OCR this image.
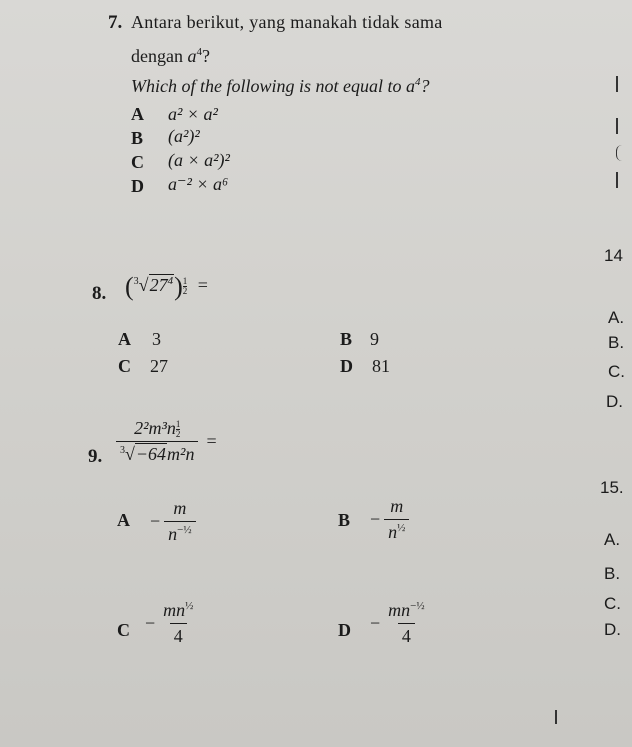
7. Antara berikut, yang manakah tidak sama
dengan $a^4$?
Which of the following is not equal to $a^4$?
A a² × a²
B (a²)²
C (a × a²)²
D a⁻² × a⁶
8. $(^3√27^4) \frac{1}{2}$ =
A 3	B 9
C 27	D 81
9. $\frac{2^2m^3n \frac{1}{2}}{^3√-64m^2n}$ =
$A - \frac{m}{n^{-\frac{1}{2}}}$	$B - \frac{m}{n^{\frac{1}{2}}}$
$C - \frac{mn^{\frac{1}{2}}}{4}$	$D - \frac{mn^{-\frac{1}{2}}}{4}$
14
A.
B.
C.
D.
15.
A.
B.
C.
D.
